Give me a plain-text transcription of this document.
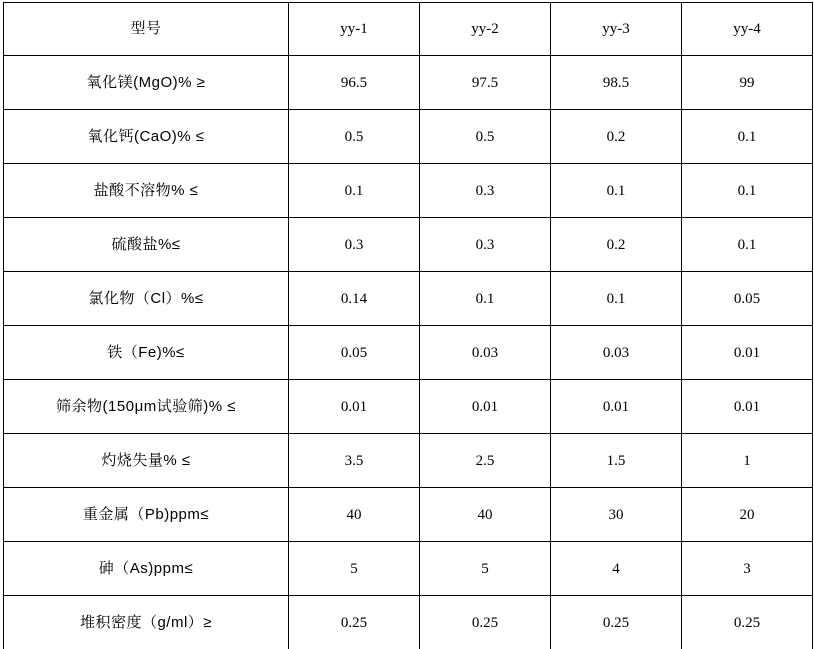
型号	yy-1	yy-2	yy-3	yy-4
氧化镁(MgO)% ≥	96.5	97.5	98.5	99
氧化钙(CaO)% ≤	0.5	0.5	0.2	0.1
盐酸不溶物% ≤	0.1	0.3	0.1	0.1
硫酸盐%≤	0.3	0.3	0.2	0.1
氯化物（Cl）%≤	0.14	0.1	0.1	0.05
铁（Fe)%≤	0.05	0.03	0.03	0.01
筛余物(150μm试验筛)% ≤	0.01	0.01	0.01	0.01
灼烧失量% ≤	3.5	2.5	1.5	1
重金属（Pb)ppm≤	40	40	30	20
砷（As)ppm≤	5	5	4	3
堆积密度（g/ml）≥	0.25	0.25	0.25	0.25
